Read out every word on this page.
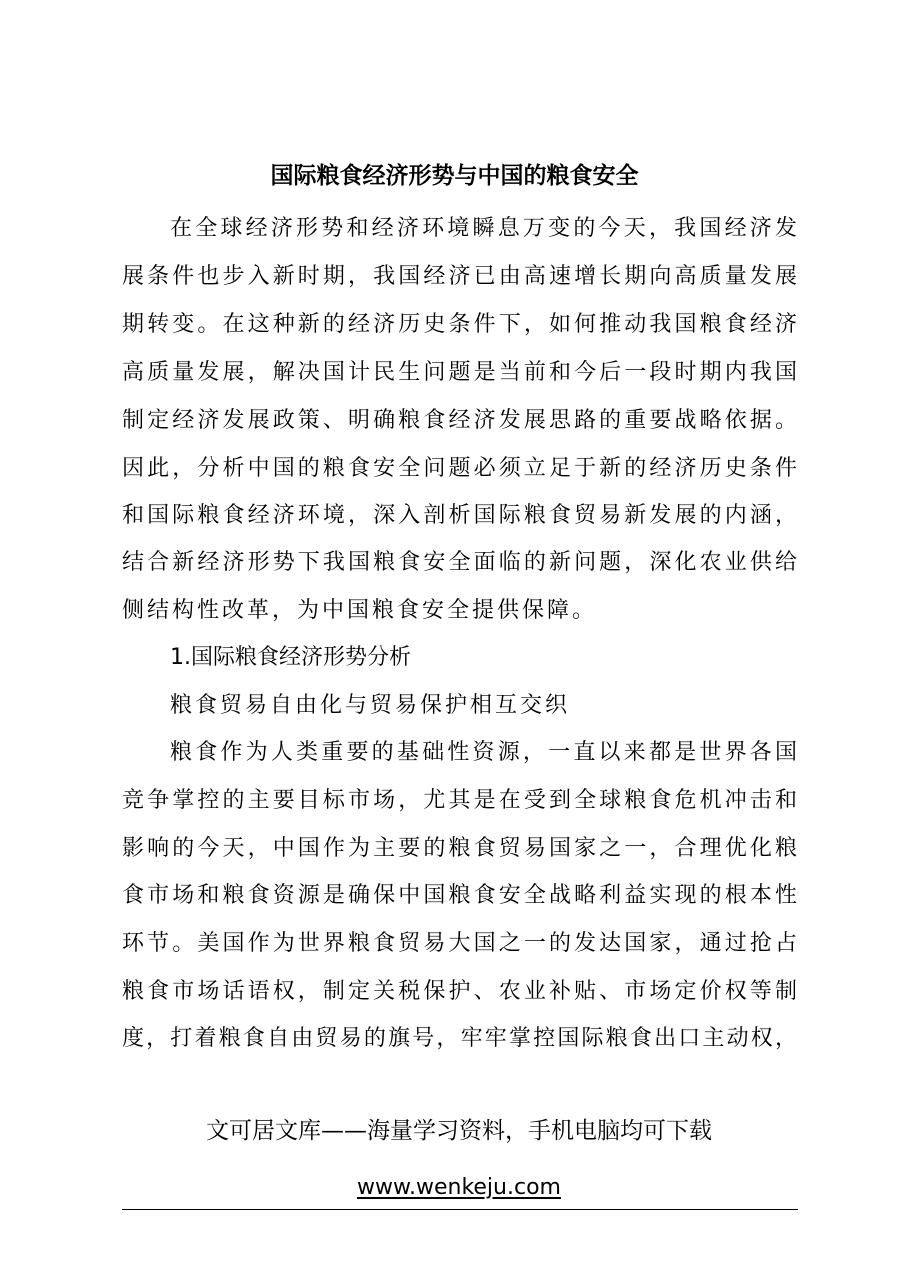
国际粮食经济形势与中国的粮食安全
在全球经济形势和经济环境瞬息万变的今天，我国经济发
展条件也步入新时期，我国经济已由高速增长期向高质量发展
期转变。在这种新的经济历史条件下，如何推动我国粮食经济
高质量发展，解决国计民生问题是当前和今后一段时期内我国
制定经济发展政策、明确粮食经济发展思路的重要战略依据。
因此，分析中国的粮食安全问题必须立足于新的经济历史条件
和国际粮食经济环境，深入剖析国际粮食贸易新发展的内涵，
结合新经济形势下我国粮食安全面临的新问题，深化农业供给
侧结构性改革，为中国粮食安全提供保障。
1.国际粮食经济形势分析
粮食贸易自由化与贸易保护相互交织
粮食作为人类重要的基础性资源，一直以来都是世界各国
竞争掌控的主要目标市场，尤其是在受到全球粮食危机冲击和
影响的今天，中国作为主要的粮食贸易国家之一，合理优化粮
食市场和粮食资源是确保中国粮食安全战略利益实现的根本性
环节。美国作为世界粮食贸易大国之一的发达国家，通过抢占
粮食市场话语权，制定关税保护、农业补贴、市场定价权等制
度，打着粮食自由贸易的旗号，牢牢掌控国际粮食出口主动权，
文可居文库——海量学习资料，手机电脑均可下载
www.wenkeju.com
